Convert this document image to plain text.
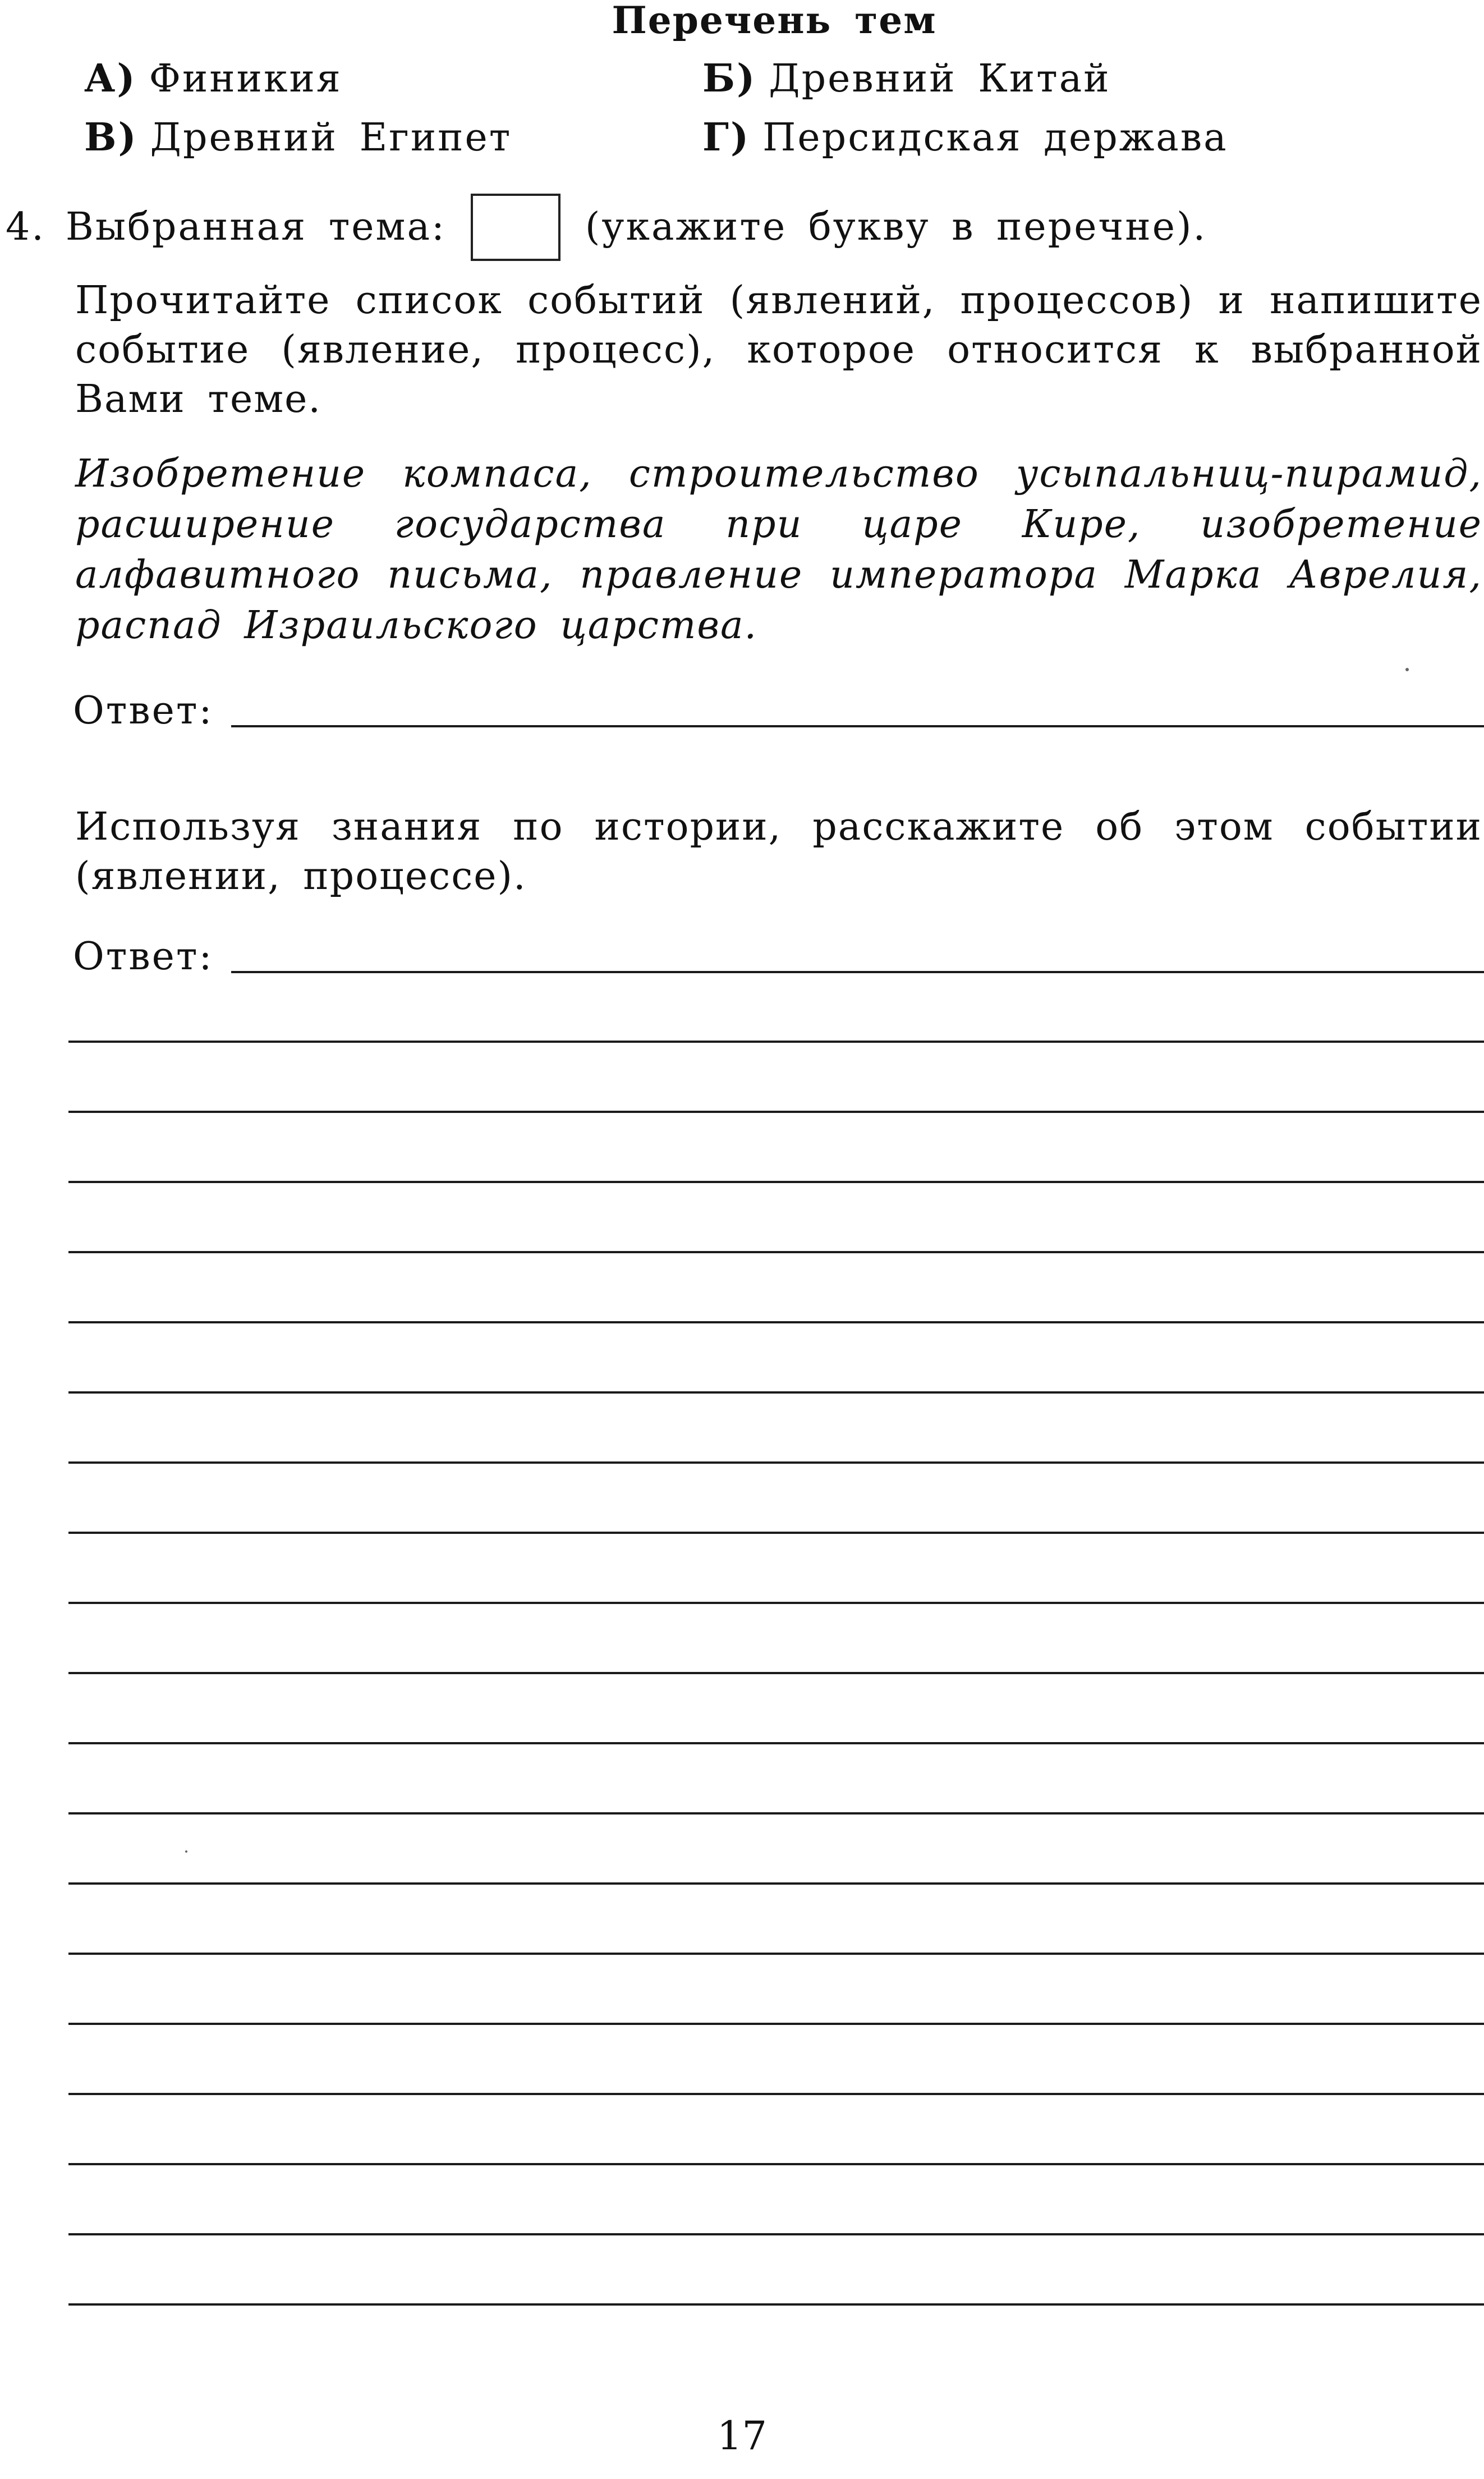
Перечень тем
А) Финикия	Б) Древний Китай
В) Древний Египет	Г) Персидская держава
4. Выбранная тема:	(укажите букву в перечне).
Прочитайте список событий (явлений, процессов) и напишите событие (явление, процесс), которое относится к выбранной Вами теме.
Изобретение компаса, строительство усыпальниц-пирамид, расширение государства при царе Кире, изобретение алфавитного письма, правление императора Марка Аврелия, распад Израильского царства.
Ответ:
Используя знания по истории, расскажите об этом событии (явлении, процессе).
Ответ:
17
